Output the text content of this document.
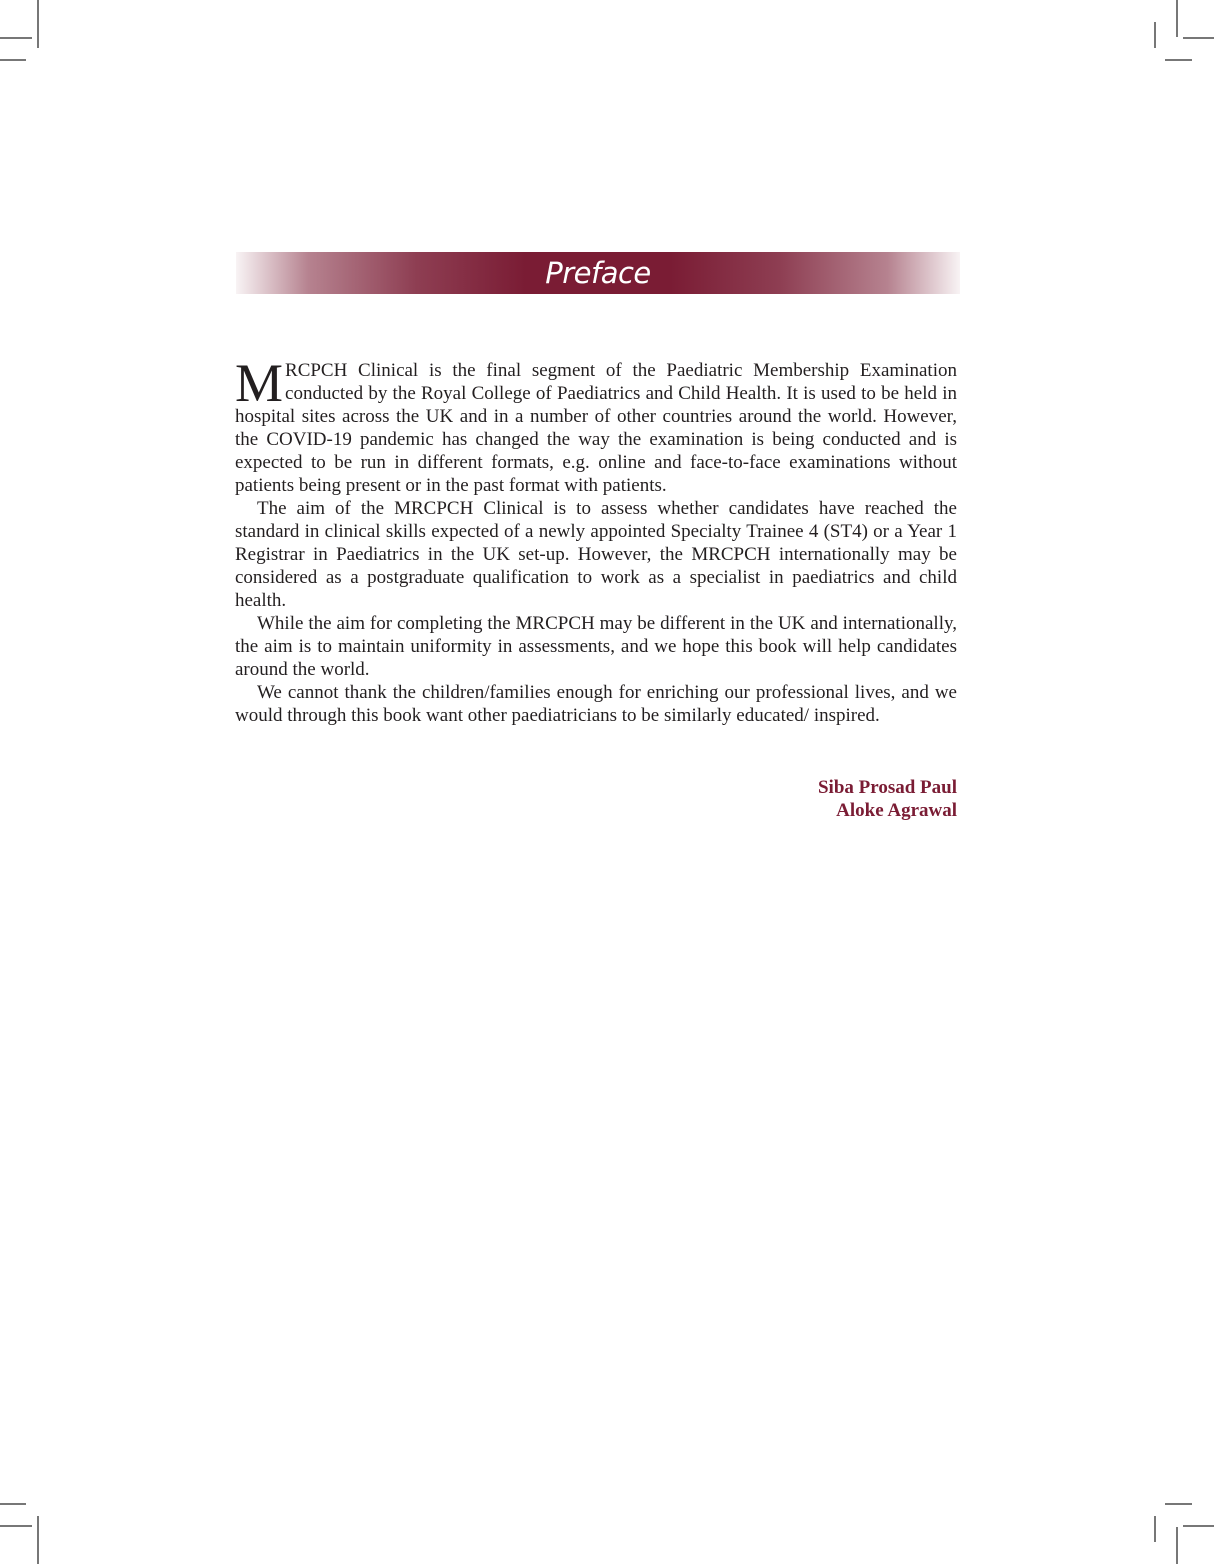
Preface

MRCPCH Clinical is the final segment of the Paediatric Membership Examination conducted by the Royal College of Paediatrics and Child Health. It is used to be held in hospital sites across the UK and in a number of other countries around the world. However, the COVID-19 pandemic has changed the way the examination is being conducted and is expected to be run in different formats, e.g. online and face-to-face examinations without patients being present or in the past format with patients.

The aim of the MRCPCH Clinical is to assess whether candidates have reached the standard in clinical skills expected of a newly appointed Specialty Trainee 4 (ST4) or a Year 1 Registrar in Paediatrics in the UK set-up. However, the MRCPCH internationally may be considered as a postgraduate qualification to work as a specialist in paediatrics and child health.

While the aim for completing the MRCPCH may be different in the UK and internationally, the aim is to maintain uniformity in assessments, and we hope this book will help candidates around the world.

We cannot thank the children/families enough for enriching our professional lives, and we would through this book want other paediatricians to be similarly educated/ inspired.

Siba Prosad Paul
Aloke Agrawal
